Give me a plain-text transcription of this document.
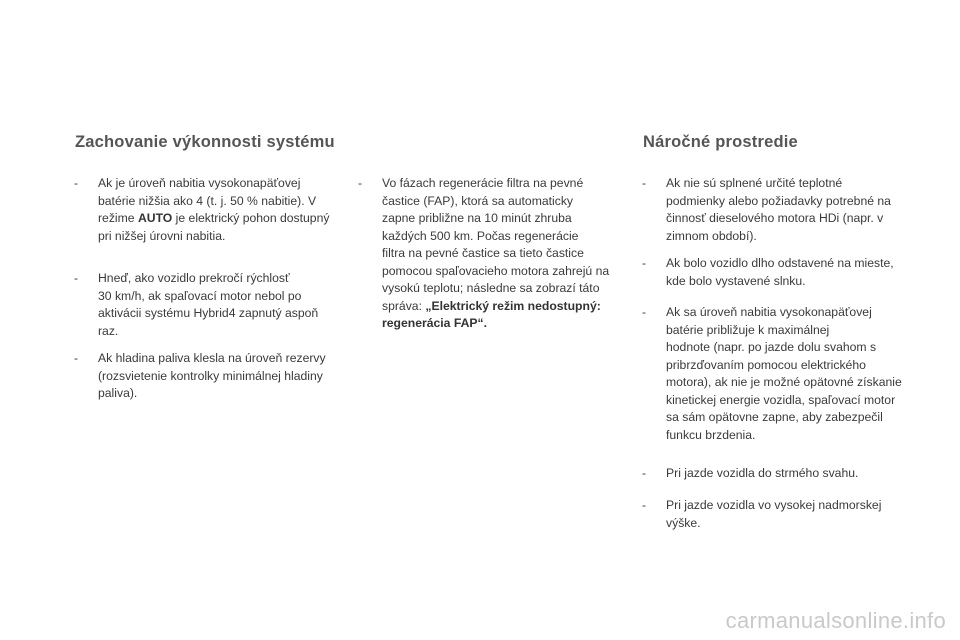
Zachovanie výkonnosti systému	Náročné prostredie
- Ak je úroveň nabitia vysokonapäťovej
batérie nižšia ako 4 (t. j. 50 % nabitie). V
režime AUTO je elektrický pohon dostupný
pri nižšej úrovni nabitia.
- Hneď, ako vozidlo prekročí rýchlosť
30 km/h, ak spaľovací motor nebol po
aktivácii systému Hybrid4 zapnutý aspoň
raz.
- Ak hladina paliva klesla na úroveň rezervy
(rozsvietenie kontrolky minimálnej hladiny
paliva).
- Vo fázach regenerácie filtra na pevné
častice (FAP), ktorá sa automaticky
zapne približne na 10 minút zhruba
každých 500 km. Počas regenerácie
filtra na pevné častice sa tieto častice
pomocou spaľovacieho motora zahrejú na
vysokú teplotu; následne sa zobrazí táto
správa: „Elektrický režim nedostupný:
regenerácia FAP“.
- Ak nie sú splnené určité teplotné
podmienky alebo požiadavky potrebné na
činnosť dieselového motora HDi (napr. v
zimnom období).
- Ak bolo vozidlo dlho odstavené na mieste,
kde bolo vystavené slnku.
- Ak sa úroveň nabitia vysokonapäťovej
batérie približuje k maximálnej
hodnote (napr. po jazde dolu svahom s
pribrzďovaním pomocou elektrického
motora), ak nie je možné opätovné získanie
kinetickej energie vozidla, spaľovací motor
sa sám opätovne zapne, aby zabezpečil
funkcu brzdenia.
- Pri jazde vozidla do strmého svahu.
- Pri jazde vozidla vo vysokej nadmorskej
výške.
carmanualsonline.info
